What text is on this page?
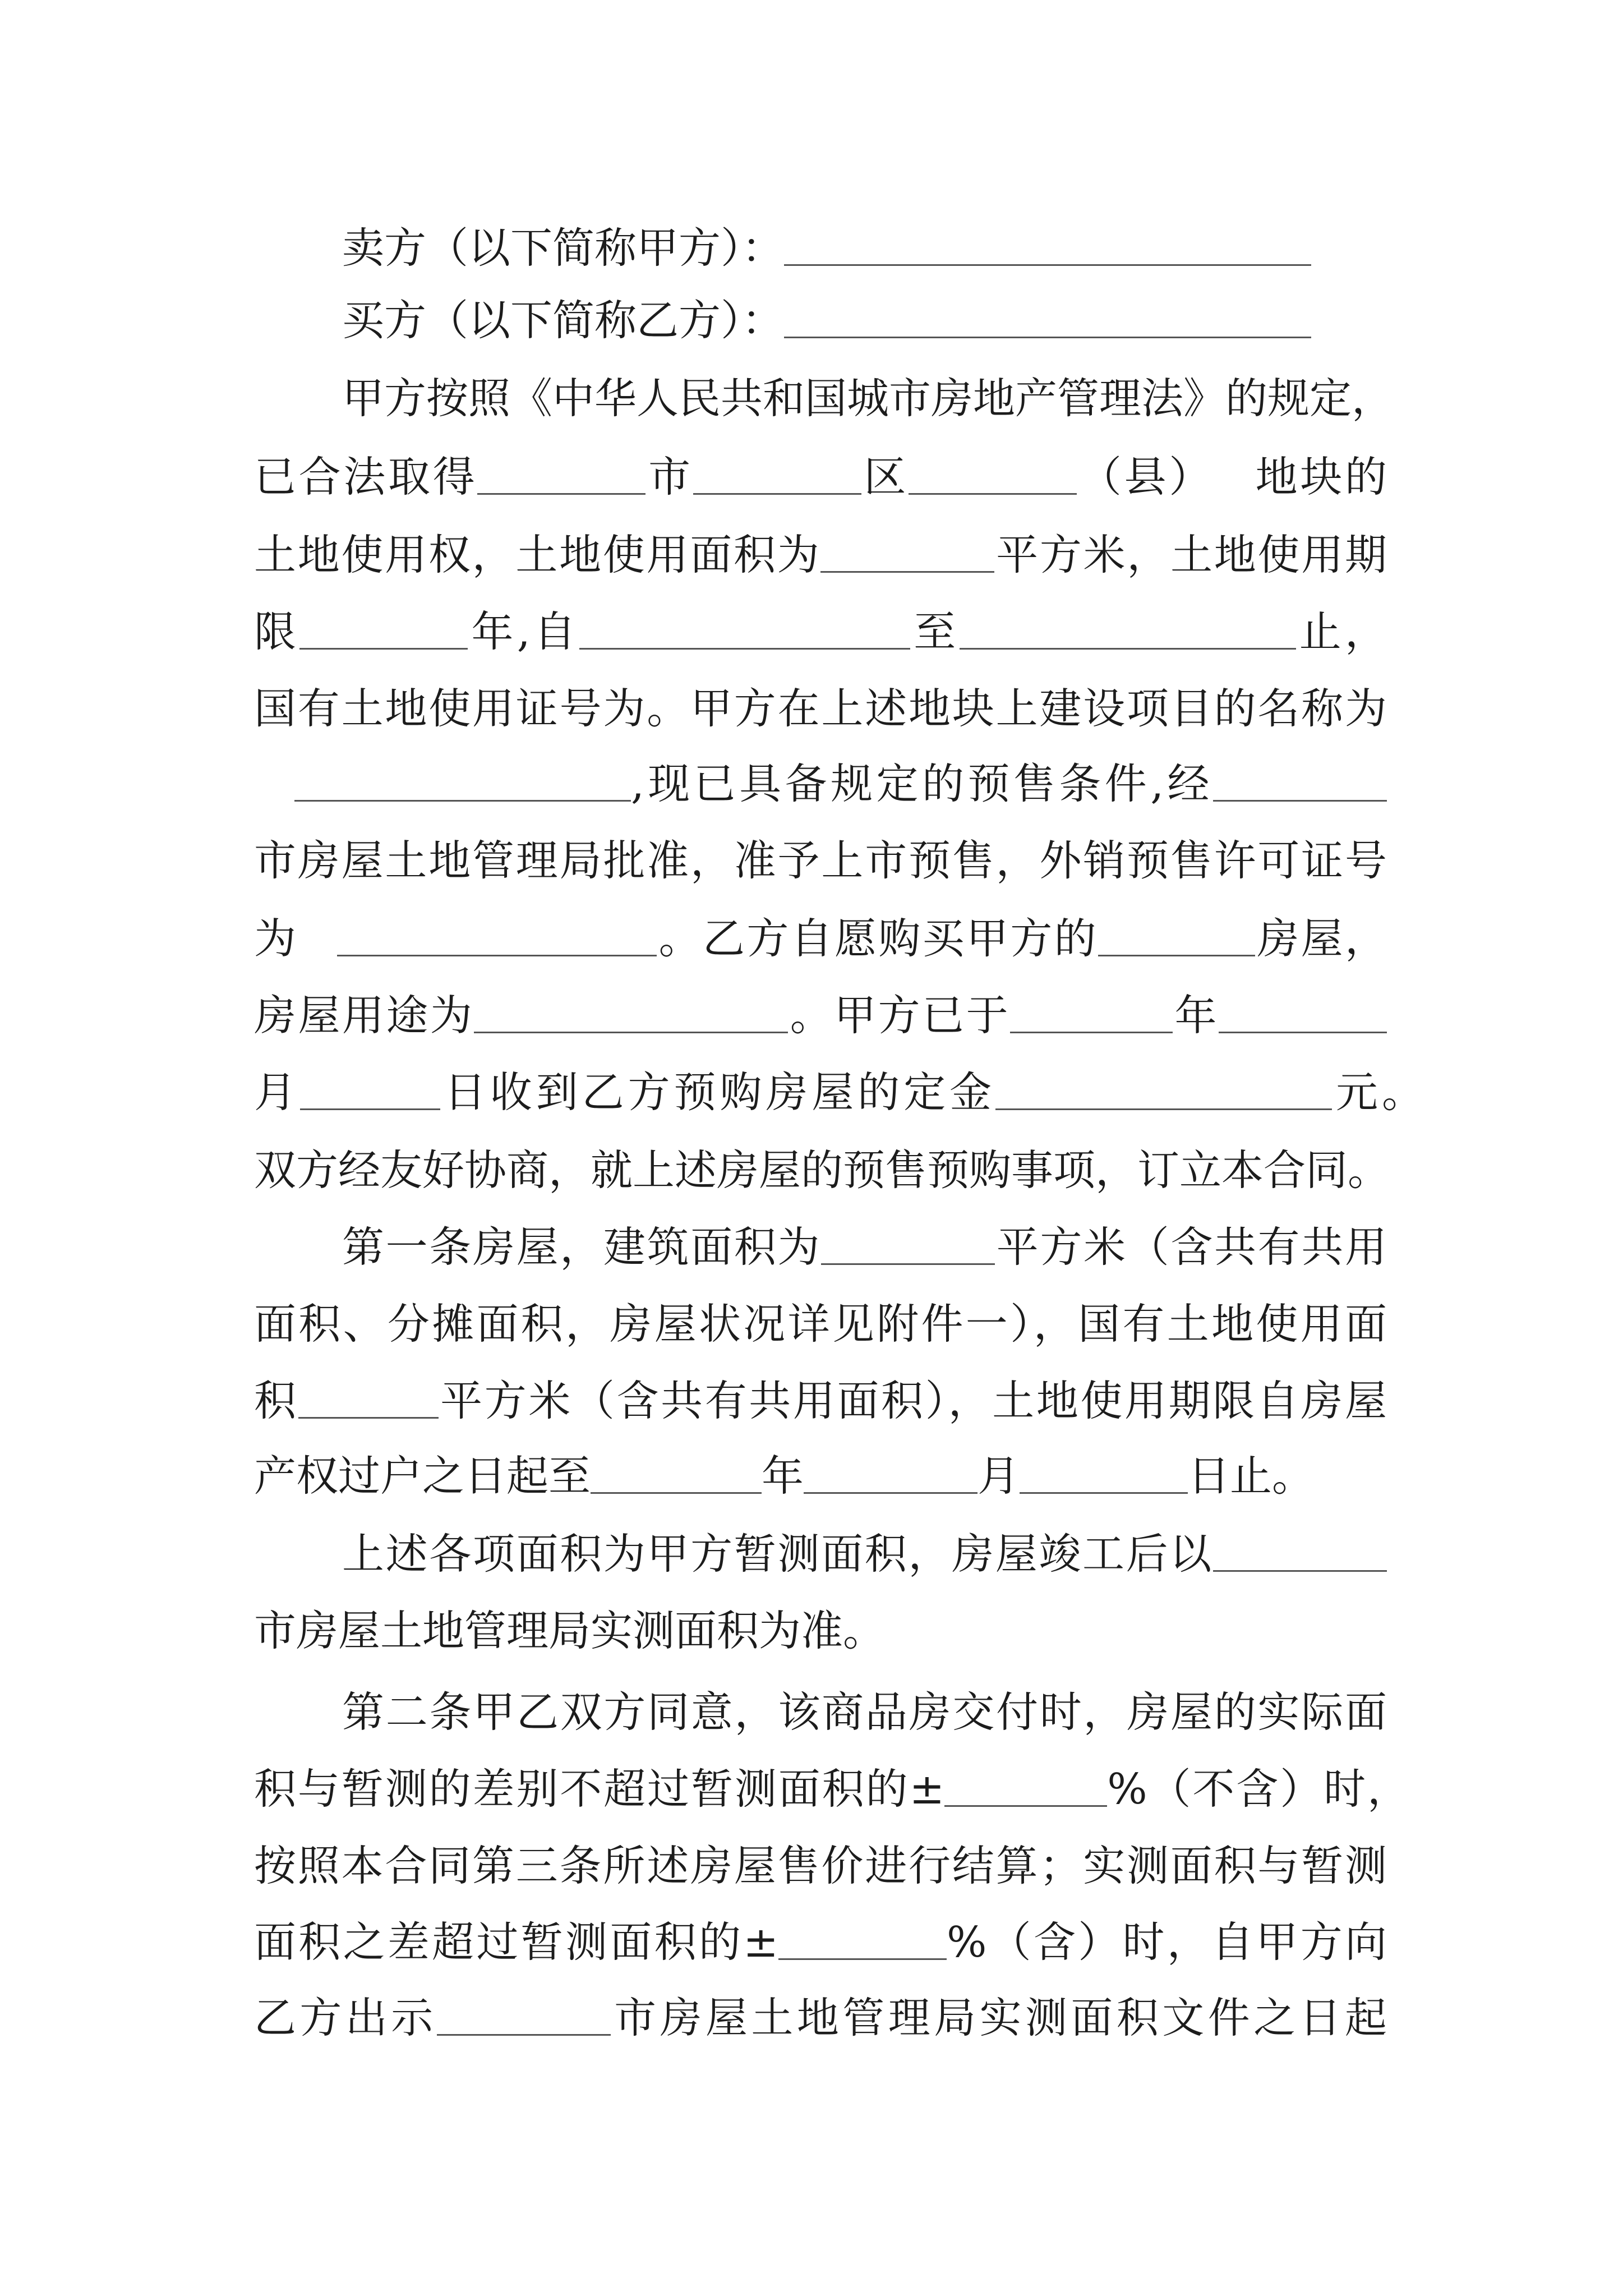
卖方（以下简称甲方）：
买方（以下简称乙方）：
甲方按照《中华人民共和国城市房地产管理法》的规定，
已合法取得	市	区	（县） 地块的
土地使用权，土地使用面积为	平方米，土地使用期
限	年,自	至	止，
国有土地使用证号为。甲方在上述地块上建设项目的名称为
,现已具备规定的预售条件,经
市房屋土地管理局批准，准予上市预售，外销预售许可证号
为	。乙方自愿购买甲方的	房屋，
房屋用途为	。甲方已于	年
月	日收到乙方预购房屋的定金	元。
双方经友好协商，就上述房屋的预售预购事项，订立本合同。
第一条房屋，建筑面积为	平方米（含共有共用
面积、分摊面积，房屋状况详见附件一），国有土地使用面
积	平方米（含共有共用面积），土地使用期限自房屋
产权过户之日起至	年	月	日止。
上述各项面积为甲方暂测面积，房屋竣工后以
市房屋土地管理局实测面积为准。
第二条甲乙双方同意，该商品房交付时，房屋的实际面
积与暂测的差别不超过暂测面积的±	%（不含）时，
按照本合同第三条所述房屋售价进行结算；实测面积与暂测
面积之差超过暂测面积的±	%（含）时，自甲方向
乙方出示	市房屋土地管理局实测面积文件之日起
